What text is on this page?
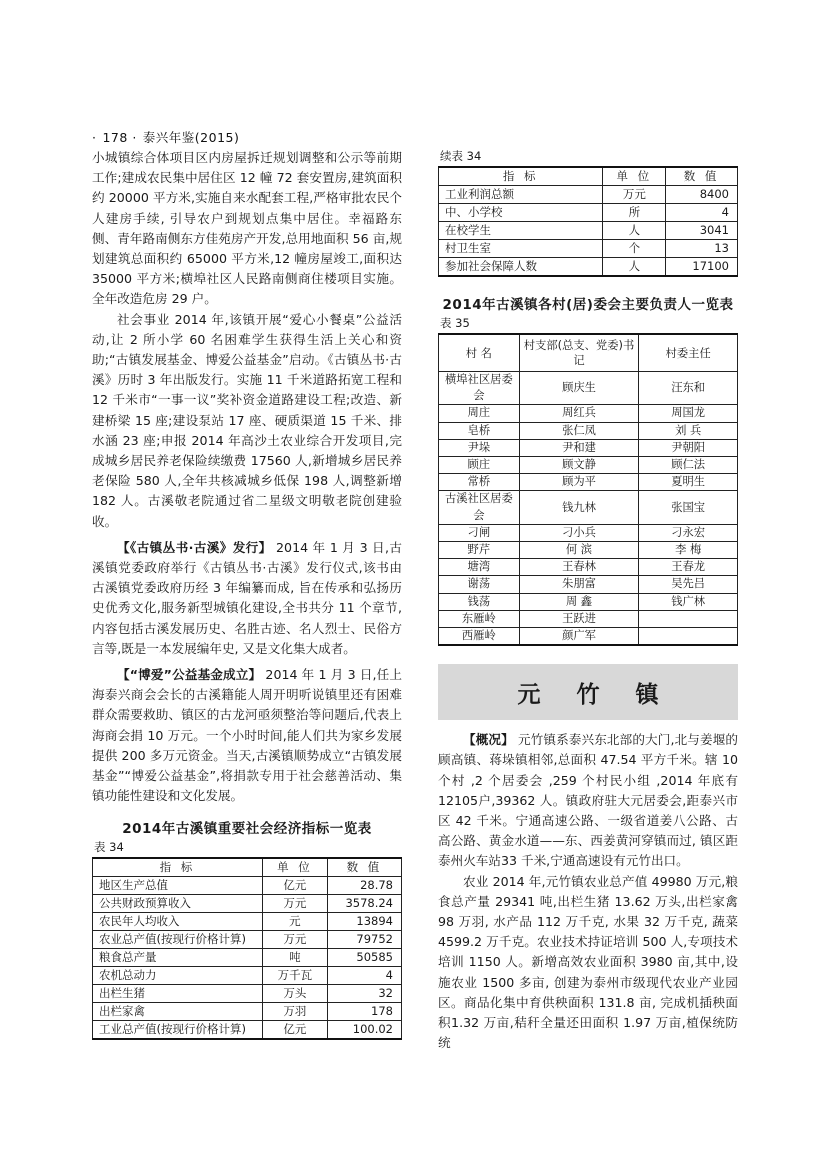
· 178 · 泰兴年鉴(2015)

小城镇综合体项目区内房屋拆迁规划调整和公示等前期工作;建成农民集中居住区 12 幢 72 套安置房,建筑面积约 20000 平方米,实施自来水配套工程,严格审批农民个人建房手续, 引导农户到规划点集中居住。幸福路东侧、青年路南侧东方佳苑房产开发,总用地面积 56 亩,规划建筑总面积约 65000 平方米,12 幢房屋竣工,面积达 35000 平方米;横埠社区人民路南侧商住楼项目实施。全年改造危房 29 户。

社会事业 2014 年,该镇开展“爱心小餐桌”公益活动,让 2 所小学 60 名困难学生获得生活上关心和资助;“古镇发展基金、博爱公益基金”启动。《古镇丛书·古溪》历时 3 年出版发行。实施 11 千米道路拓宽工程和 12 千米市“一事一议”奖补资金道路建设工程;改造、新建桥梁 15 座;建设泵站 17 座、硬质渠道 15 千米、排水涵 23 座;申报 2014 年高沙土农业综合开发项目,完成城乡居民养老保险续缴费 17560 人,新增城乡居民养老保险 580 人,全年共核减城乡低保 198 人,调整新增 182 人。古溪敬老院通过省二星级文明敬老院创建验收。

【《古镇丛书·古溪》发行】 2014 年 1 月 3 日,古溪镇党委政府举行《古镇丛书·古溪》发行仪式,该书由古溪镇党委政府历经 3 年编纂而成, 旨在传承和弘扬历史优秀文化,服务新型城镇化建设,全书共分 11 个章节,内容包括古溪发展历史、名胜古迹、名人烈士、民俗方言等,既是一本发展编年史, 又是文化集大成者。

【“博爱”公益基金成立】 2014 年 1 月 3 日,任上海泰兴商会会长的古溪籍能人周开明听说镇里还有困难群众需要救助、镇区的古龙河亟须整治等问题后,代表上海商会捐 10 万元。一个小时时间,能人们共为家乡发展提供 200 多万元资金。当天,古溪镇顺势成立“古镇发展基金”“博爱公益基金”,将捐款专用于社会慈善活动、集镇功能性建设和文化发展。

2014年古溪镇重要社会经济指标一览表
表 34
指 标	单 位	数 值
地区生产总值	亿元	28.78
公共财政预算收入	万元	3578.24
农民年人均收入	元	13894
农业总产值(按现行价格计算)	万元	79752
粮食总产量	吨	50585
农机总动力	万千瓦	4
出栏生猪	万头	32
出栏家禽	万羽	178
工业总产值(按现行价格计算)	亿元	100.02
续表 34
指 标	单 位	数 值
工业利润总额	万元	8400
中、小学校	所	4
在校学生	人	3041
村卫生室	个	13
参加社会保障人数	人	17100
2014年古溪镇各村(居)委会主要负责人一览表
表 35
村 名	村支部(总支、党委)书记	村委主任
横埠社区居委会	顾庆生	汪东和
周庄	周红兵	周国龙
皂桥	张仁凤	刘 兵
尹垛	尹和建	尹朝阳
顾庄	顾文静	顾仁法
常桥	顾为平	夏明生
古溪社区居委会	钱九林	张国宝
刁闸	刁小兵	刁永宏
野芹	何 滨	李 梅
塘湾	王春林	王春龙
谢荡	朱朋富	吴先吕
钱荡	周 鑫	钱广林
东雁岭	王跃进	
西雁岭	颜广军	
元 竹 镇

【概况】 元竹镇系泰兴东北部的大门,北与姜堰的顾高镇、蒋垛镇相邻,总面积 47.54 平方千米。辖 10 个村 ,2 个居委会 ,259 个村民小组 ,2014 年底有 12105户,39362 人。镇政府驻大元居委会,距泰兴市区 42 千米。宁通高速公路、一级省道姜八公路、古高公路、黄金水道——东、西姜黄河穿镇而过, 镇区距泰州火车站33 千米,宁通高速设有元竹出口。

农业 2014 年,元竹镇农业总产值 49980 万元,粮食总产量 29341 吨,出栏生猪 13.62 万头,出栏家禽98 万羽, 水产品 112 万千克, 水果 32 万千克, 蔬菜4599.2 万千克。农业技术持证培训 500 人,专项技术培训 1150 人。新增高效农业面积 3980 亩,其中,设施农业 1500 多亩, 创建为泰州市级现代农业产业园区。商品化集中育供秧面积 131.8 亩, 完成机插秧面积1.32 万亩,秸秆全量还田面积 1.97 万亩,植保统防统
